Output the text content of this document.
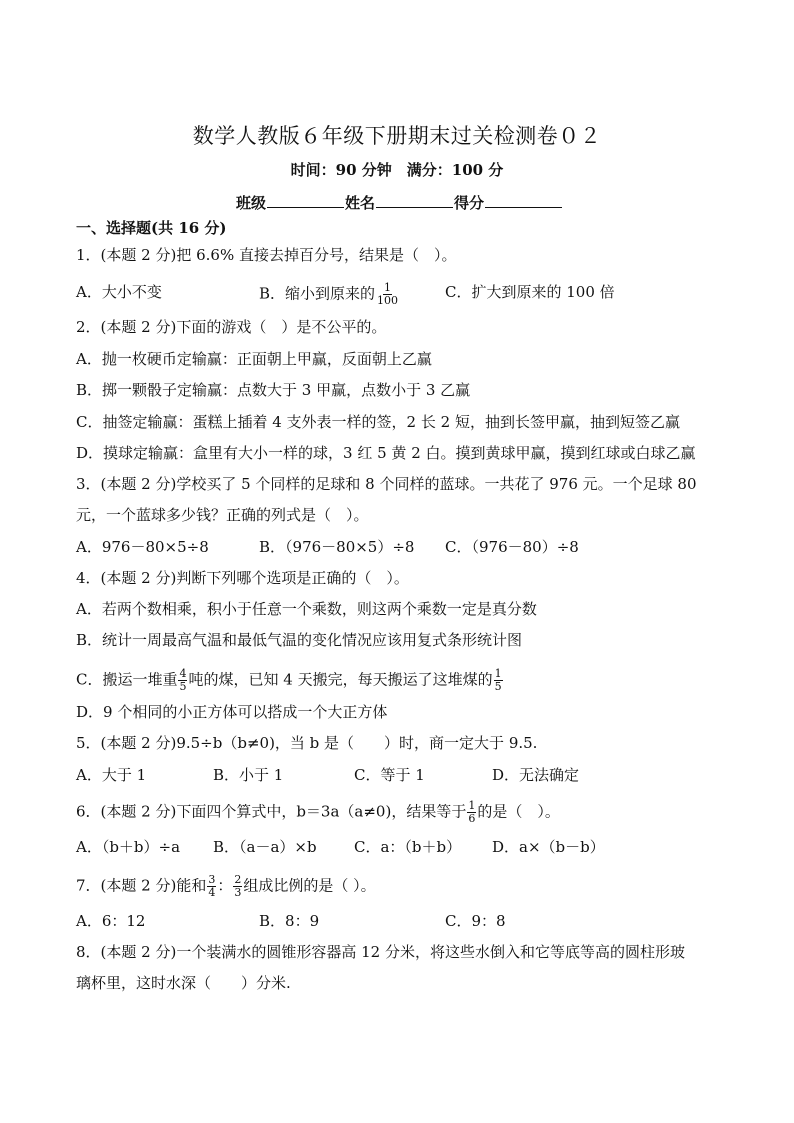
数学人教版６年级下册期末过关检测卷０２
时间：90 分钟　满分：100 分
班级	姓名	得分
一、选择题(共 16 分)
1．(本题 2 分)把 6.6% 直接去掉百分号，结果是（　）。
A．大小不变	B．缩小到原来的 $\frac{1}{100}$	C．扩大到原来的 100 倍
2．(本题 2 分)下面的游戏（　）是不公平的。
A．抛一枚硬币定输赢：正面朝上甲赢，反面朝上乙赢
B．掷一颗骰子定输赢：点数大于 3 甲赢，点数小于 3 乙赢
C．抽签定输赢：蛋糕上插着 4 支外表一样的签，2 长 2 短，抽到长签甲赢，抽到短签乙赢
D．摸球定输赢：盒里有大小一样的球，3 红 5 黄 2 白。摸到黄球甲赢，摸到红球或白球乙赢
3．(本题 2 分)学校买了 5 个同样的足球和 8 个同样的蓝球。一共花了 976 元。一个足球 80
元，一个蓝球多少钱？正确的列式是（　）。
A．976－80×5÷8	B．（976－80×5）÷8 C．（976－80）÷8
4．(本题 2 分)判断下列哪个选项是正确的（　）。
A．若两个数相乘，积小于任意一个乘数，则这两个乘数一定是真分数
B．统计一周最高气温和最低气温的变化情况应该用复式条形统计图
C．搬运一堆重 $\frac{4}{5}$ 吨的煤，已知 4 天搬完，每天搬运了这堆煤的 $\frac{1}{5}$
D．9 个相同的小正方体可以搭成一个大正方体
5．(本题 2 分)9.5÷b（b≠0)，当 b 是（　　）时，商一定大于 9.5.
A．大于 1	B．小于 1	C．等于 1	D．无法确定
6．(本题 2 分)下面四个算式中，b＝3a（a≠0)，结果等于 $\frac{1}{6}$ 的是（　）。
A．（b＋b）÷a B．（a－a）×b C．a：（b＋b） D．a×（b－b）
7．(本题 2 分)能和 $\frac{3}{4}$ ： $\frac{2}{3}$ 组成比例的是（ ）。
A．6：12	B．8：9	C．9：8
8．(本题 2 分)一个装满水的圆锥形容器高 12 分米，将这些水倒入和它等底等高的圆柱形玻
璃杯里，这时水深（　　）分米.
